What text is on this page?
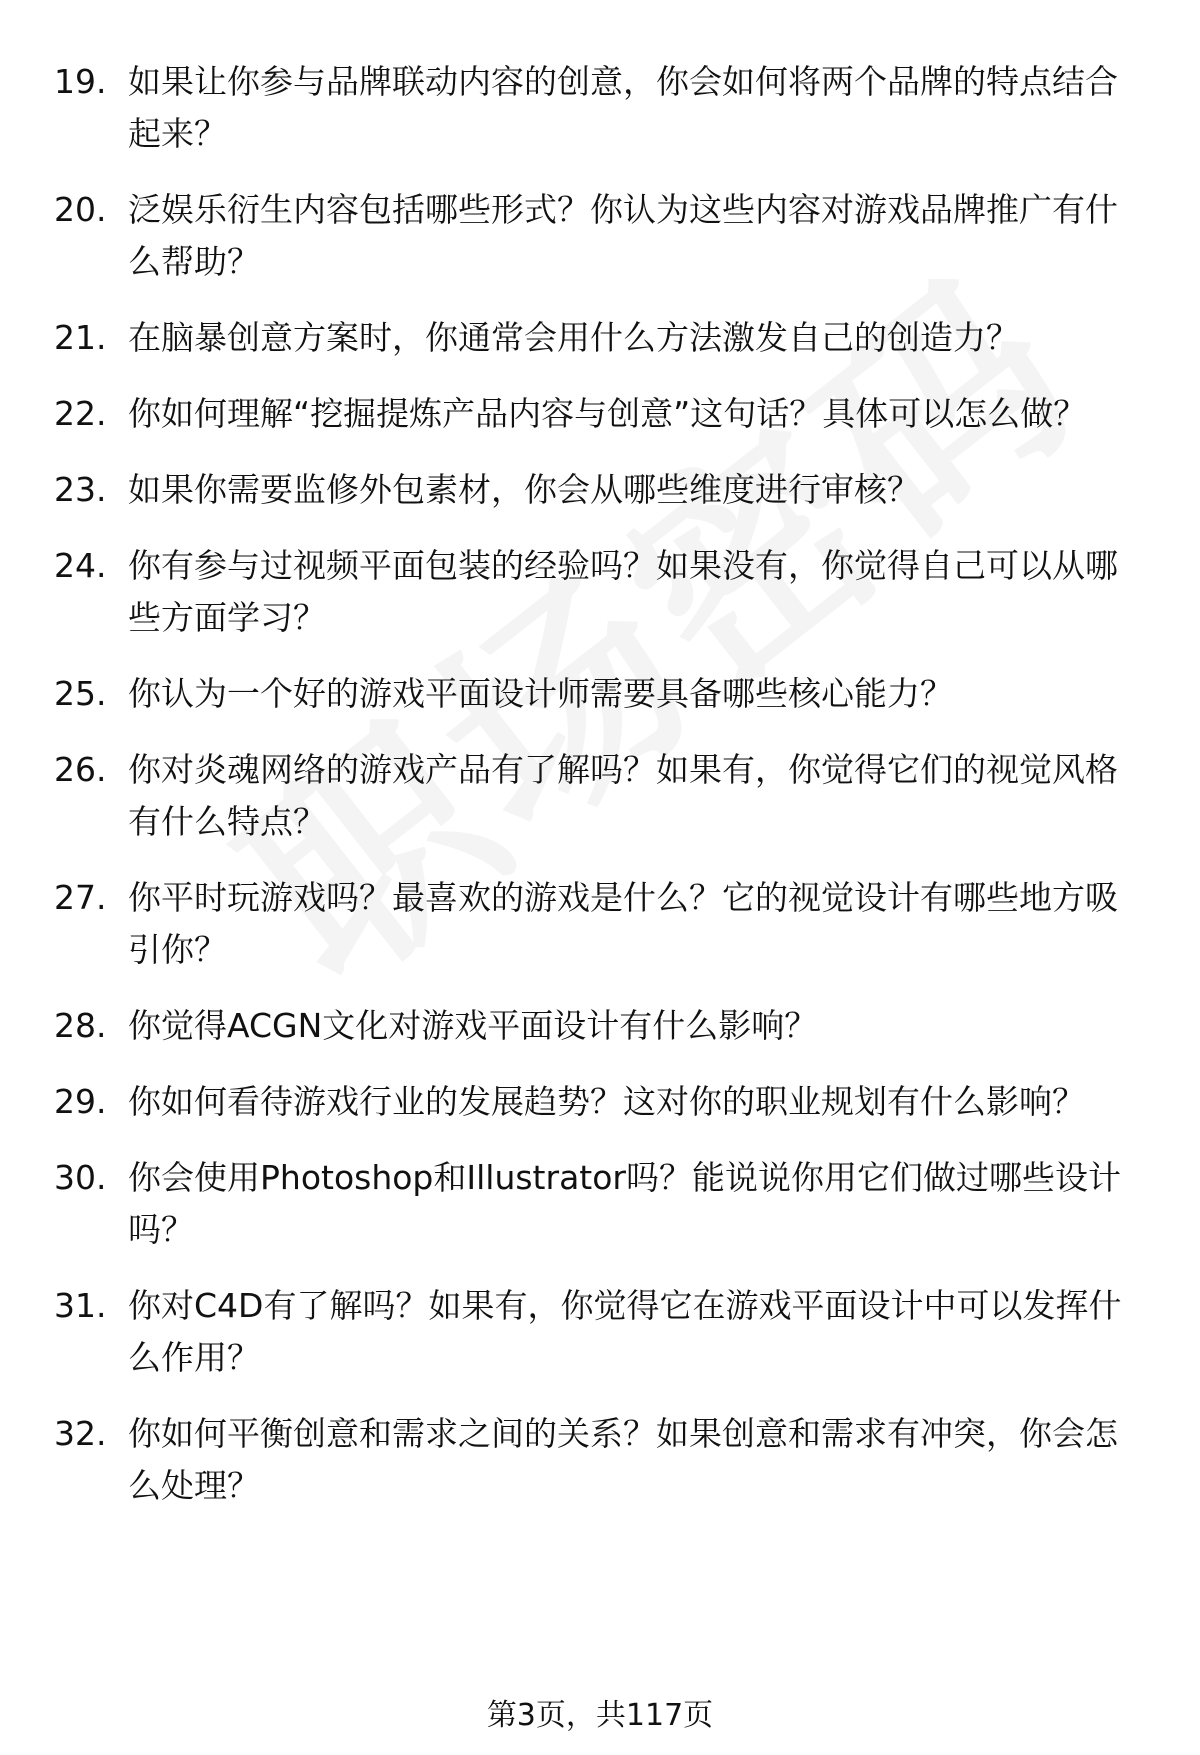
19. 如果让你参与品牌联动内容的创意，你会如何将两个品牌的特点结合起来？
20. 泛娱乐衍生内容包括哪些形式？你认为这些内容对游戏品牌推广有什么帮助？
21. 在脑暴创意方案时，你通常会用什么方法激发自己的创造力？
22. 你如何理解“挖掘提炼产品内容与创意”这句话？具体可以怎么做？
23. 如果你需要监修外包素材，你会从哪些维度进行审核？
24. 你有参与过视频平面包装的经验吗？如果没有，你觉得自己可以从哪些方面学习？
25. 你认为一个好的游戏平面设计师需要具备哪些核心能力？
26. 你对炎魂网络的游戏产品有了解吗？如果有，你觉得它们的视觉风格有什么特点？
27. 你平时玩游戏吗？最喜欢的游戏是什么？它的视觉设计有哪些地方吸引你？
28. 你觉得ACGN文化对游戏平面设计有什么影响？
29. 你如何看待游戏行业的发展趋势？这对你的职业规划有什么影响？
30. 你会使用Photoshop和Illustrator吗？能说说你用它们做过哪些设计吗？
31. 你对C4D有了解吗？如果有，你觉得它在游戏平面设计中可以发挥什么作用？
32. 你如何平衡创意和需求之间的关系？如果创意和需求有冲突，你会怎么处理？
第3页，共117页
